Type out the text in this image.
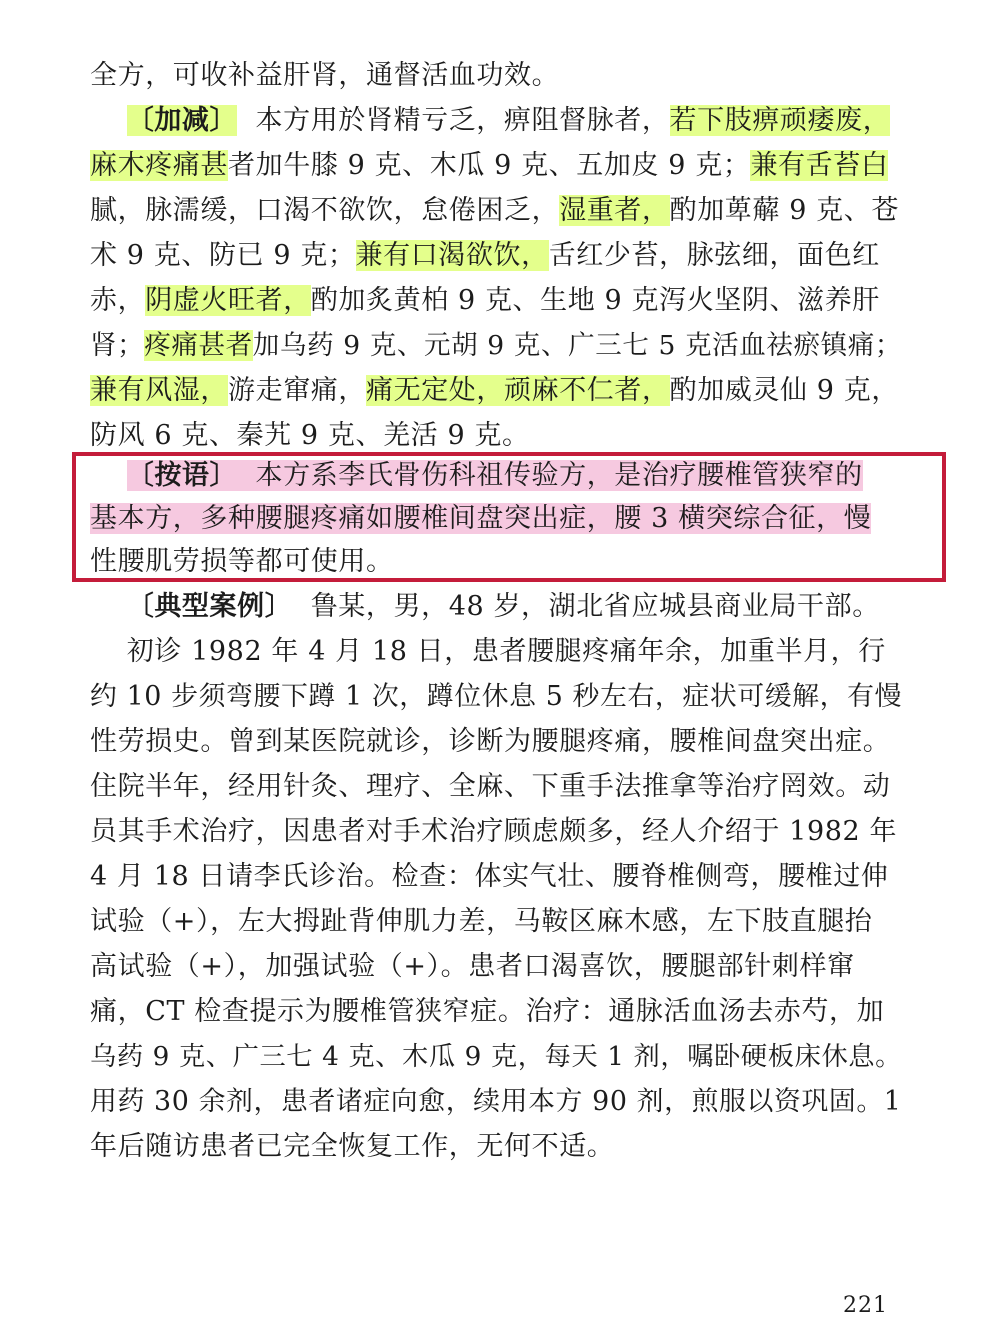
全方，可收补益肝肾，通督活血功效。
〔加减〕  本方用於肾精亏乏，痹阻督脉者，若下肢痹顽痿废，
麻木疼痛甚者加牛膝 9 克、木瓜 9 克、五加皮 9 克；兼有舌苔白
腻，脉濡缓，口渴不欲饮，怠倦困乏，湿重者，酌加萆薢 9 克、苍
术 9 克、防已 9 克；兼有口渴欲饮，舌红少苔，脉弦细，面色红
赤，阴虚火旺者，酌加炙黄柏 9 克、生地 9 克泻火坚阴、滋养肝
肾；疼痛甚者加乌药 9 克、元胡 9 克、广三七 5 克活血祛瘀镇痛；
兼有风湿，游走窜痛，痛无定处，顽麻不仁者，酌加威灵仙 9 克，
防风 6 克、秦艽 9 克、羌活 9 克。
〔按语〕  本方系李氏骨伤科祖传验方，是治疗腰椎管狭窄的
基本方，多种腰腿疼痛如腰椎间盘突出症，腰 3 横突综合征，慢
性腰肌劳损等都可使用。
〔典型案例〕  鲁某，男，48 岁，湖北省应城县商业局干部。
初诊 1982 年 4 月 18 日，患者腰腿疼痛年余，加重半月，行
约 10 步须弯腰下蹲 1 次，蹲位休息 5 秒左右，症状可缓解，有慢
性劳损史。曾到某医院就诊，诊断为腰腿疼痛，腰椎间盘突出症。
住院半年，经用针灸、理疗、全麻、下重手法推拿等治疗罔效。动
员其手术治疗，因患者对手术治疗顾虑颇多，经人介绍于 1982 年
4 月 18 日请李氏诊治。检查：体实气壮、腰脊椎侧弯，腰椎过伸
试验（+），左大拇趾背伸肌力差，马鞍区麻木感，左下肢直腿抬
高试验（+），加强试验（+）。患者口渴喜饮，腰腿部针刺样窜
痛，CT 检查提示为腰椎管狭窄症。治疗：通脉活血汤去赤芍，加
乌药 9 克、广三七 4 克、木瓜 9 克，每天 1 剂，嘱卧硬板床休息。
用药 30 余剂，患者诸症向愈，续用本方 90 剂，煎服以资巩固。1
年后随访患者已完全恢复工作，无何不适。
221
